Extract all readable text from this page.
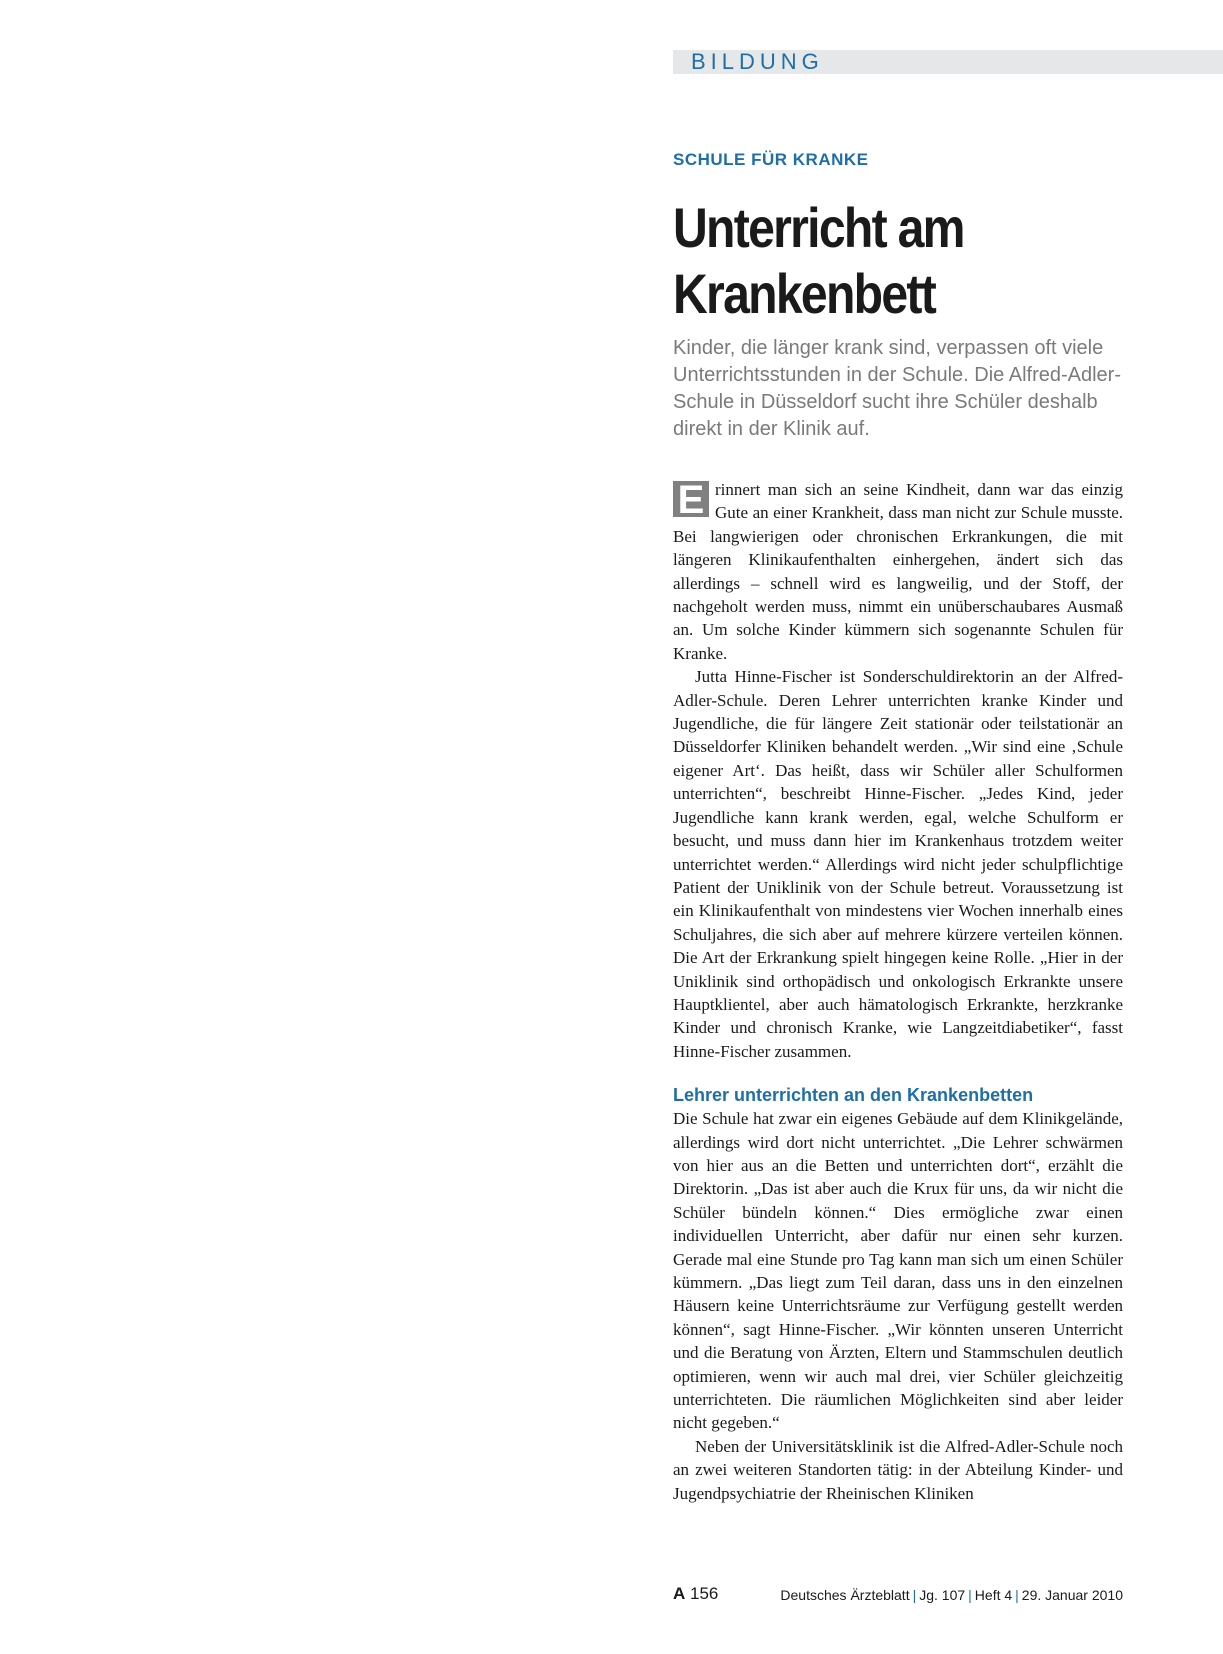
BILDUNG
SCHULE FÜR KRANKE
Unterricht am
Krankenbett

Kinder, die länger krank sind, verpassen oft viele Unterrichtsstunden in der Schule. Die Alfred-Adler-Schule in Düsseldorf sucht ihre Schüler deshalb direkt in der Klinik auf.

E rinnert man sich an seine Kindheit, dann war das einzig Gute an einer Krankheit, dass man nicht zur Schule musste. Bei langwierigen oder chronischen Erkrankungen, die mit längeren Klinikaufenthalten einhergehen, ändert sich das allerdings – schnell wird es langweilig, und der Stoff, der nachgeholt werden muss, nimmt ein unüberschaubares Ausmaß an. Um solche Kinder kümmern sich sogenannte Schulen für Kranke.

Jutta Hinne-Fischer ist Sonderschuldirektorin an der Alfred-Adler-Schule. Deren Lehrer unterrichten kranke Kinder und Jugendliche, die für längere Zeit stationär oder teilstationär an Düsseldorfer Kliniken behandelt werden. „Wir sind eine ‚Schule eigener Art‘. Das heißt, dass wir Schüler aller Schulformen unterrichten“, beschreibt Hinne-Fischer. „Jedes Kind, jeder Jugendliche kann krank werden, egal, welche Schulform er besucht, und muss dann hier im Krankenhaus trotzdem weiter unterrichtet werden.“ Allerdings wird nicht jeder schulpflichtige Patient der Uniklinik von der Schule betreut. Voraussetzung ist ein Klinikaufenthalt von mindestens vier Wochen innerhalb eines Schuljahres, die sich aber auf mehrere kürzere verteilen können. Die Art der Erkrankung spielt hingegen keine Rolle. „Hier in der Uniklinik sind orthopädisch und onkologisch Erkrankte unsere Hauptklientel, aber auch hämatologisch Erkrankte, herzkranke Kinder und chronisch Kranke, wie Langzeitdiabetiker“, fasst Hinne-Fischer zusammen.

Lehrer unterrichten an den Krankenbetten

Die Schule hat zwar ein eigenes Gebäude auf dem Klinikgelände, allerdings wird dort nicht unterrichtet. „Die Lehrer schwärmen von hier aus an die Betten und unterrichten dort“, erzählt die Direktorin. „Das ist aber auch die Krux für uns, da wir nicht die Schüler bündeln können.“ Dies ermögliche zwar einen individuellen Unterricht, aber dafür nur einen sehr kurzen. Gerade mal eine Stunde pro Tag kann man sich um einen Schüler kümmern. „Das liegt zum Teil daran, dass uns in den einzelnen Häusern keine Unterrichtsräume zur Verfügung gestellt werden können“, sagt Hinne-Fischer. „Wir könnten unseren Unterricht und die Beratung von Ärzten, Eltern und Stammschulen deutlich optimieren, wenn wir auch mal drei, vier Schüler gleichzeitig unterrichteten. Die räumlichen Möglichkeiten sind aber leider nicht gegeben.“

Neben der Universitätsklinik ist die Alfred-Adler-Schule noch an zwei weiteren Standorten tätig: in der Abteilung Kinder- und Jugendpsychiatrie der Rheinischen Kliniken

A 156	Deutsches Ärzteblatt | Jg. 107 | Heft 4 | 29. Januar 2010
